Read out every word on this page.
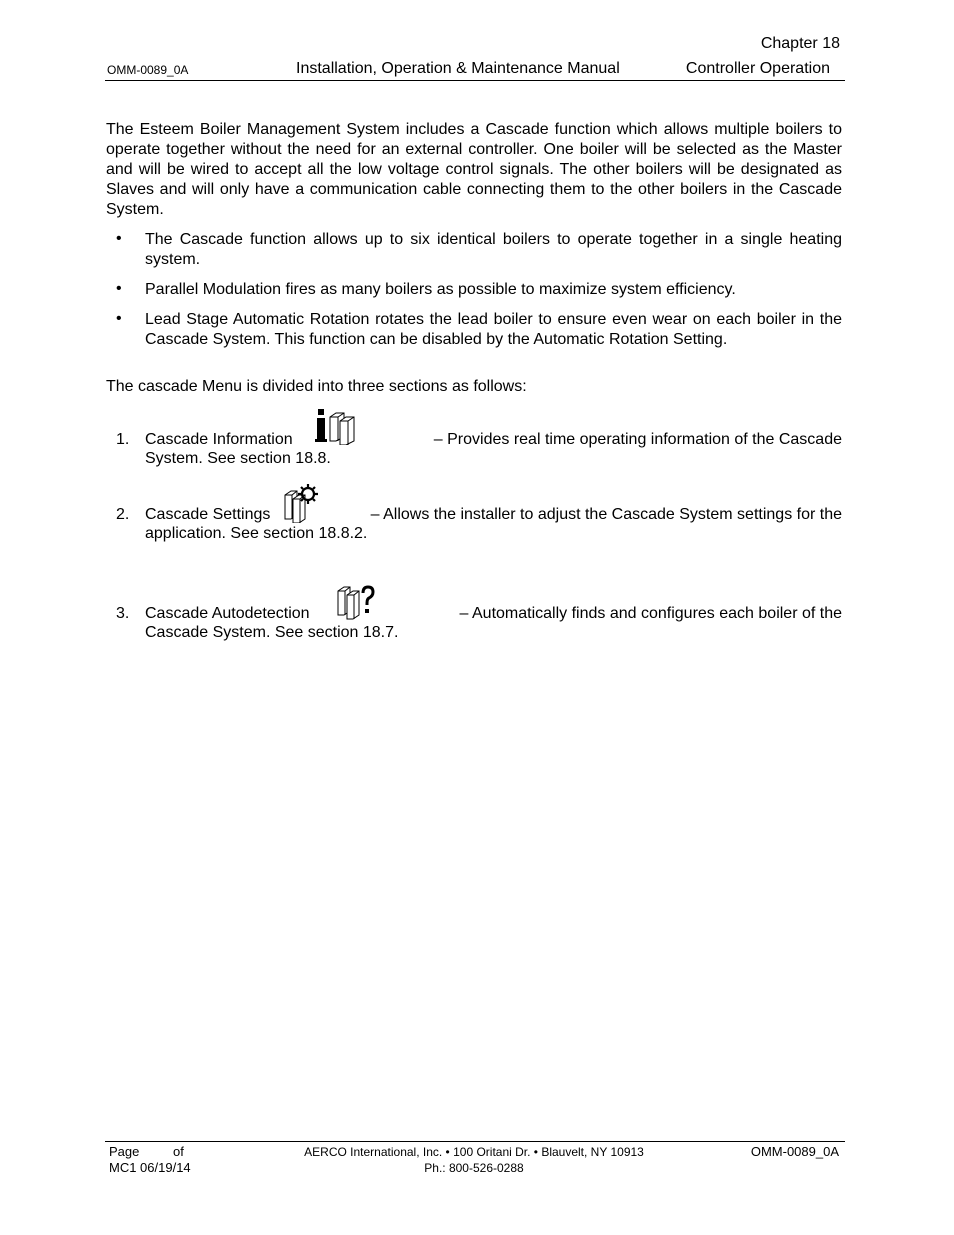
Chapter 18
OMM-0089_0A	Installation, Operation & Maintenance Manual	Controller Operation
The Esteem Boiler Management System includes a Cascade function which allows multiple boilers to operate together without the need for an external controller. One boiler will be selected as the Master and will be wired to accept all the low voltage control signals. The other boilers will be designated as Slaves and will only have a communication cable connecting them to the other boilers in the Cascade System.
• The Cascade function allows up to six identical boilers to operate together in a single heating system.
• Parallel Modulation fires as many boilers as possible to maximize system efficiency.
• Lead Stage Automatic Rotation rotates the lead boiler to ensure even wear on each boiler in the Cascade System. This function can be disabled by the Automatic Rotation Setting.
The cascade Menu is divided into three sections as follows:
1. Cascade Information	– Provides real time operating information of the Cascade
System. See section 18.8.
2. Cascade Settings	– Allows the installer to adjust the Cascade System settings for the
application. See section 18.8.2.
3. Cascade Autodetection	– Automatically finds and configures each boiler of the
Cascade System. See section 18.7.
Page	of
MC1 06/19/14
AERCO International, Inc. • 100 Oritani Dr. • Blauvelt, NY 10913
Ph.: 800-526-0288
OMM-0089_0A
